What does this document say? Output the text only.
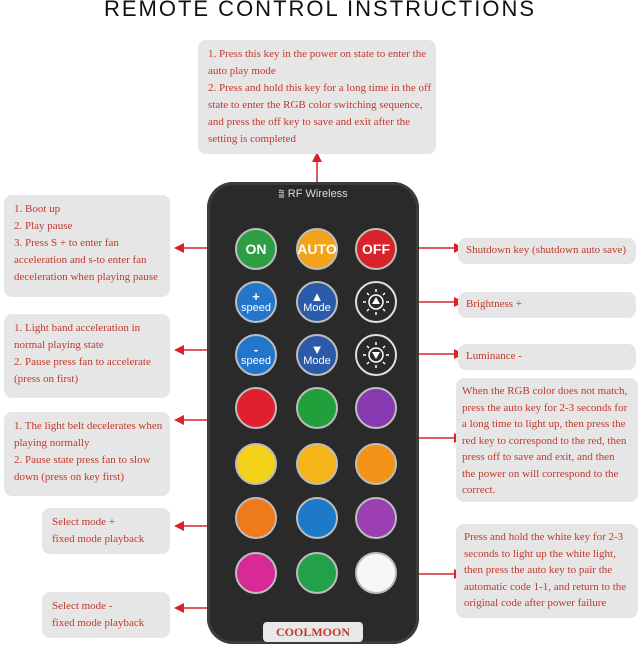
REMOTE CONTROL INSTRUCTIONS
1. Press this key in the power on state to enter the
auto play mode
2. Press and hold this key for a long time in the off
state to enter the RGB color switching sequence,
and press the off key to save and exit after the
setting is completed
1. Boot up
2. Play pause
3. Press S + to enter fan
acceleration and s-to enter fan
deceleration when playing pause
1. Light band acceleration in
normal playing state
2. Pause press fan to accelerate
(press on first)
1. The light belt decelerates when
playing normally
2. Pause state press fan to slow
down (press on key first)
Select mode +
fixed mode playback
Select mode -
fixed mode playback
Shutdown key (shutdown auto save)
Brightness +
Luminance -
When the RGB color does not match,
press the auto key for 2-3 seconds for
a long time to light up, then press the
red key to correspond to the red, then
press off to save and exit, and then
the power on will correspond to the
correct.
Press and hold the white key for 2-3
seconds to light up the white light,
then press the auto key to pair the
automatic code 1-1, and return to the
original code after power failure
⩰ RF Wireless
ON AUTO OFF
+
speed
▲
Mode
-
speed
▼
Mode
COOLMOON
